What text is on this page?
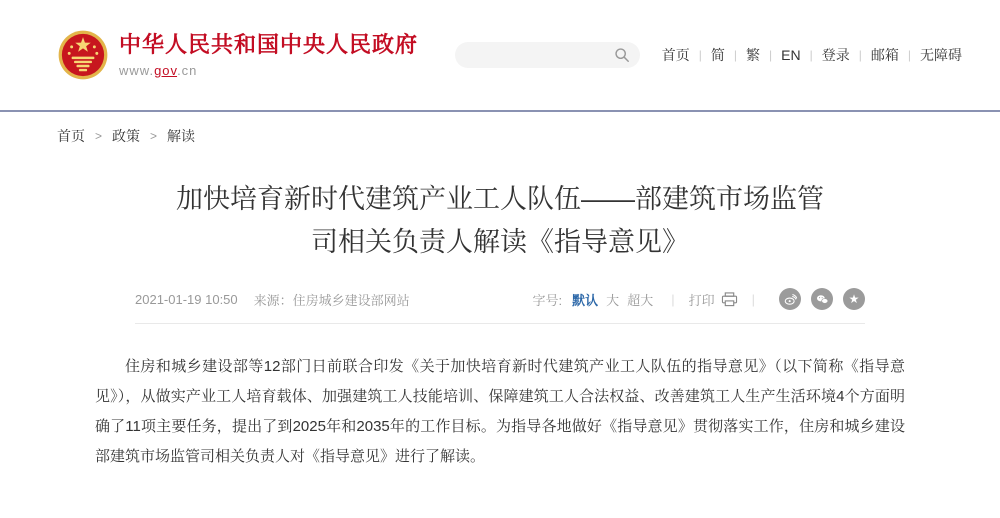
中华人民共和国中央人民政府
www.gov.cn
首页 | 简 | 繁 | EN | 登录 | 邮箱 | 无障碍
首页 > 政策 > 解读
加快培育新时代建筑产业工人队伍——部建筑市场监管
司相关负责人解读《指导意见》
2021-01-19 10:50 来源： 住房城乡建设部网站	字号: 默认 大 超大 | 打印	|	★

住房和城乡建设部等12部门日前联合印发《关于加快培育新时代建筑产业工人队伍的指导意见》（以下简称《指导意见》），从做实产业工人培育载体、加强建筑工人技能培训、保障建筑工人合法权益、改善建筑工人生产生活环境4个方面明确了11项主要任务，提出了到2025年和2035年的工作目标。为指导各地做好《指导意见》贯彻落实工作，住房和城乡建设部建筑市场监管司相关负责人对《指导意见》进行了解读。
